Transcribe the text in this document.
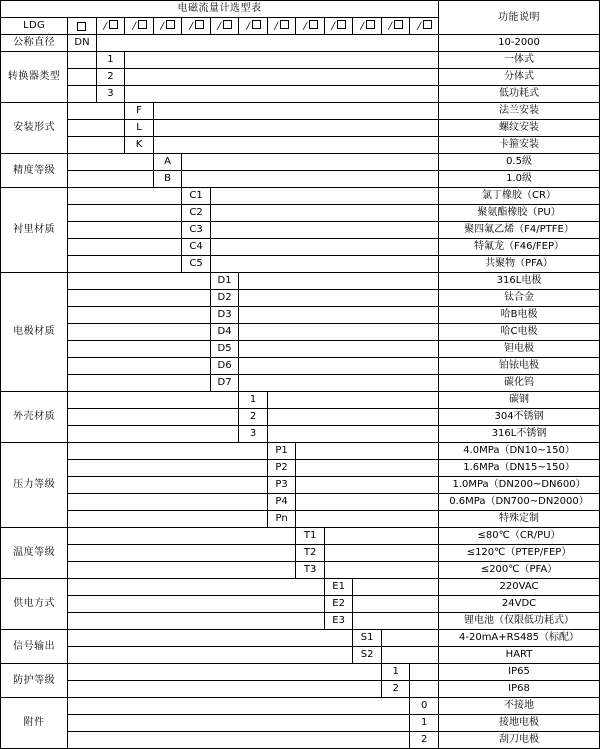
电磁流量计选型表														功能说明
LDG		/	/	/	/	/	/	/	/	/	/	/	/	
公称直径	DN													10-2000
转换器类型		1												一体式
		2												分体式
		3												低功耗式
安装形式			F											法兰安装
			L											螺纹安装
			K											卡箍安装
精度等级				A										0.5级
				B										1.0级
衬里材质					C1									氯丁橡胶（CR）
					C2									聚氨酯橡胶（PU）
					C3									聚四氟乙烯（F4/PTFE）
					C4									特氟龙（F46/FEP）
					C5									共聚物（PFA）
电极材质						D1								316L电极
						D2								钛合金
						D3								哈B电极
						D4								哈C电极
						D5								钽电极
						D6								铂铱电极
						D7								碳化钨
外壳材质							1							碳钢
							2							304不锈钢
							3							316L不锈钢
压力等级								P1						4.0MPa（DN10~150）
								P2						1.6MPa（DN15~150）
								P3						1.0MPa（DN200~DN600）
								P4						0.6MPa（DN700~DN2000）
								Pn						特殊定制
温度等级									T1					≤80℃（CR/PU）
									T2					≤120℃（PTEP/FEP）
									T3					≤200℃（PFA）
供电方式										E1				220VAC
										E2				24VDC
										E3				锂电池（仅限低功耗式）
信号输出											S1			4-20mA+RS485（标配）
											S2			HART
防护等级												1		IP65
												2		IP68
附件													0	不接地
													1	接地电极
													2	刮刀电极
